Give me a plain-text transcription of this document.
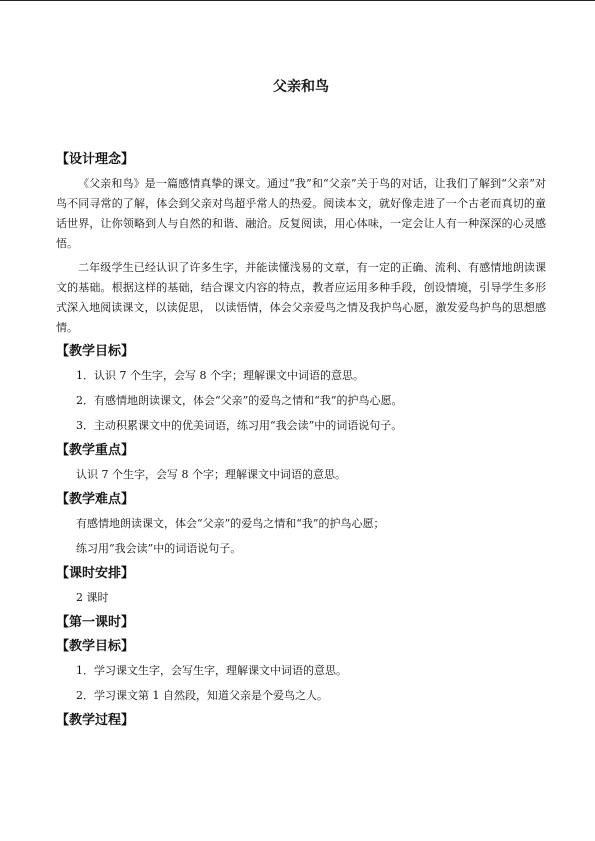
父亲和鸟
【设计理念】

《父亲和鸟》是一篇感情真挚的课文。通过“我”和“父亲”关于鸟的对话，让我们了解到“父亲”对鸟不同寻常的了解，体会到父亲对鸟超乎常人的热爱。阅读本文，就好像走进了一个古老而真切的童话世界，让你领略到人与自然的和谐、融洽。反复阅读，用心体味，一定会让人有一种深深的心灵感悟。

二年级学生已经认识了许多生字，并能读懂浅易的文章，有一定的正确、流利、有感情地朗读课文的基础。根据这样的基础，结合课文内容的特点，教者应运用多种手段，创设情境，引导学生多形式深入地阅读课文，以读促思， 以读悟情，体会父亲爱鸟之情及我护鸟心愿，激发爱鸟护鸟的思想感情。

【教学目标】
1．认识 7 个生字，会写 8 个字；理解课文中词语的意思。
2．有感情地朗读课文，体会“父亲”的爱鸟之情和“我”的护鸟心愿。
3．主动积累课文中的优美词语，练习用“我会读”中的词语说句子。
【教学重点】
认识 7 个生字，会写 8 个字；理解课文中词语的意思。
【教学难点】
有感情地朗读课文，体会“父亲”的爱鸟之情和“我”的护鸟心愿；
练习用“我会读”中的词语说句子。
【课时安排】
2 课时
【第一课时】
【教学目标】
1．学习课文生字，会写生字，理解课文中词语的意思。
2．学习课文第 1 自然段，知道父亲是个爱鸟之人。
【教学过程】
